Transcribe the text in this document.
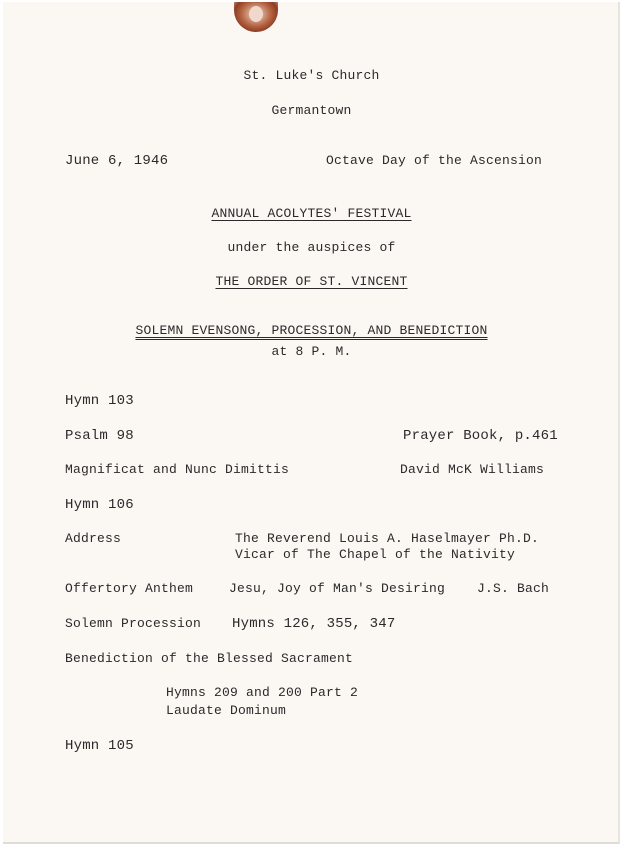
St. Luke's Church
Germantown
June 6, 1946	Octave Day of the Ascension
ANNUAL ACOLYTES' FESTIVAL
under the auspices of
THE ORDER OF ST. VINCENT
SOLEMN EVENSONG, PROCESSION, AND BENEDICTION
at 8 P. M.
Hymn 103
Psalm 98	Prayer Book, p.461
Magnificat and Nunc Dimittis	David McK Williams
Hymn 106
Address	The Reverend Louis A. Haselmayer Ph.D.
Vicar of The Chapel of the Nativity
Offertory Anthem	Jesu, Joy of Man's Desiring J.S. Bach
Solemn Procession Hymns 126, 355, 347
Benediction of the Blessed Sacrament
Hymns 209 and 200 Part 2
Laudate Dominum
Hymn 105
